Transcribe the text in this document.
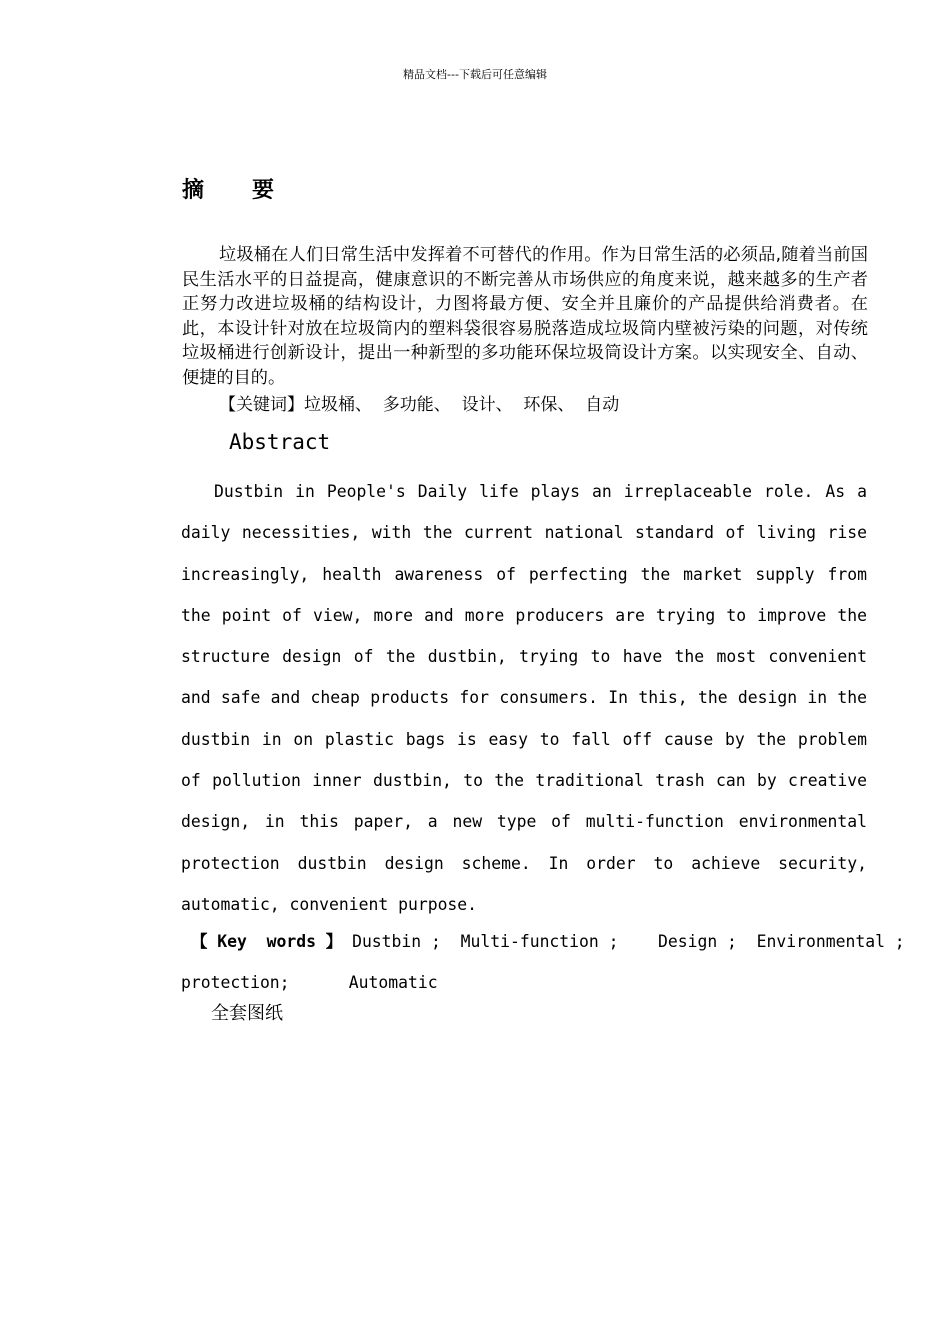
精品文档---下载后可任意编辑
摘 要

垃圾桶在人们日常生活中发挥着不可替代的作用。作为日常生活的必须品,随着当前国民生活水平的日益提高，健康意识的不断完善从市场供应的角度来说，越来越多的生产者正努力改进垃圾桶的结构设计，力图将最方便、安全并且廉价的产品提供给消费者。在此，本设计针对放在垃圾筒内的塑料袋很容易脱落造成垃圾筒内壁被污染的问题，对传统垃圾桶进行创新设计，提出一种新型的多功能环保垃圾筒设计方案。以实现安全、自动、便捷的目的。

【关键词】垃圾桶、  多功能、  设计、  环保、  自动

Abstract

Dustbin in People's Daily life plays an irreplaceable role. As a daily necessities, with the current national standard of living rise increasingly, health awareness of perfecting the market supply from the point of view, more and more producers are trying to improve the structure design of the dustbin, trying to have the most convenient and safe and cheap products for consumers. In this, the design in the dustbin in on plastic bags is easy to fall off cause by the problem of pollution inner dustbin, to the traditional trash can by creative design, in this paper, a new type of multi-function environmental protection dustbin design scheme. In order to achieve security, automatic, convenient purpose.

【 Key  words 】 Dustbin ;  Multi-function ;    Design ;  Environmental ;
protection;      Automatic

全套图纸
